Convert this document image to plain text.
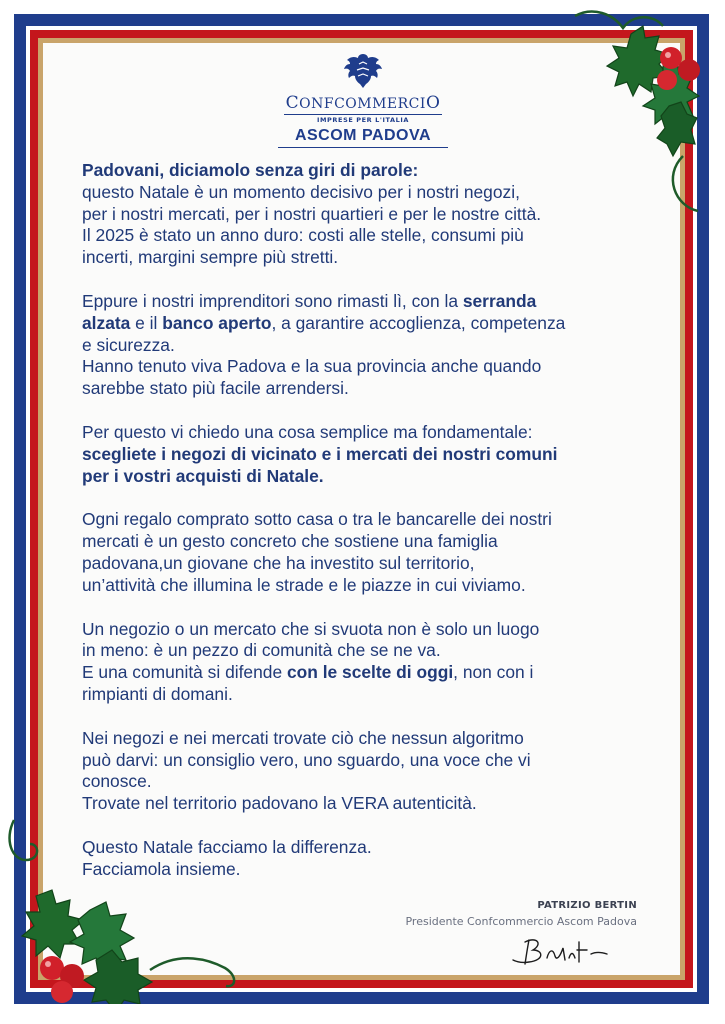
CONFCOMMERCIO
IMPRESE PER L'ITALIA
ASCOM PADOVA

Padovani, diciamolo senza giri di parole:
questo Natale è un momento decisivo per i nostri negozi,
per i nostri mercati, per i nostri quartieri e per le nostre città.
Il 2025 è stato un anno duro: costi alle stelle, consumi più
incerti, margini sempre più stretti.

Eppure i nostri imprenditori sono rimasti lì, con la serranda
alzata e il banco aperto, a garantire accoglienza, competenza
e sicurezza.
Hanno tenuto viva Padova e la sua provincia anche quando
sarebbe stato più facile arrendersi.

Per questo vi chiedo una cosa semplice ma fondamentale:
scegliete i negozi di vicinato e i mercati dei nostri comuni
per i vostri acquisti di Natale.

Ogni regalo comprato sotto casa o tra le bancarelle dei nostri
mercati è un gesto concreto che sostiene una famiglia
padovana,un giovane che ha investito sul territorio,
un’attività che illumina le strade e le piazze in cui viviamo.

Un negozio o un mercato che si svuota non è solo un luogo
in meno: è un pezzo di comunità che se ne va.
E una comunità si difende con le scelte di oggi, non con i
rimpianti di domani.

Nei negozi e nei mercati trovate ciò che nessun algoritmo
può darvi: un consiglio vero, uno sguardo, una voce che vi
conosce.
Trovate nel territorio padovano la VERA autenticità.

Questo Natale facciamo la differenza.
Facciamola insieme.

PATRIZIO BERTIN
Presidente Confcommercio Ascom Padova
